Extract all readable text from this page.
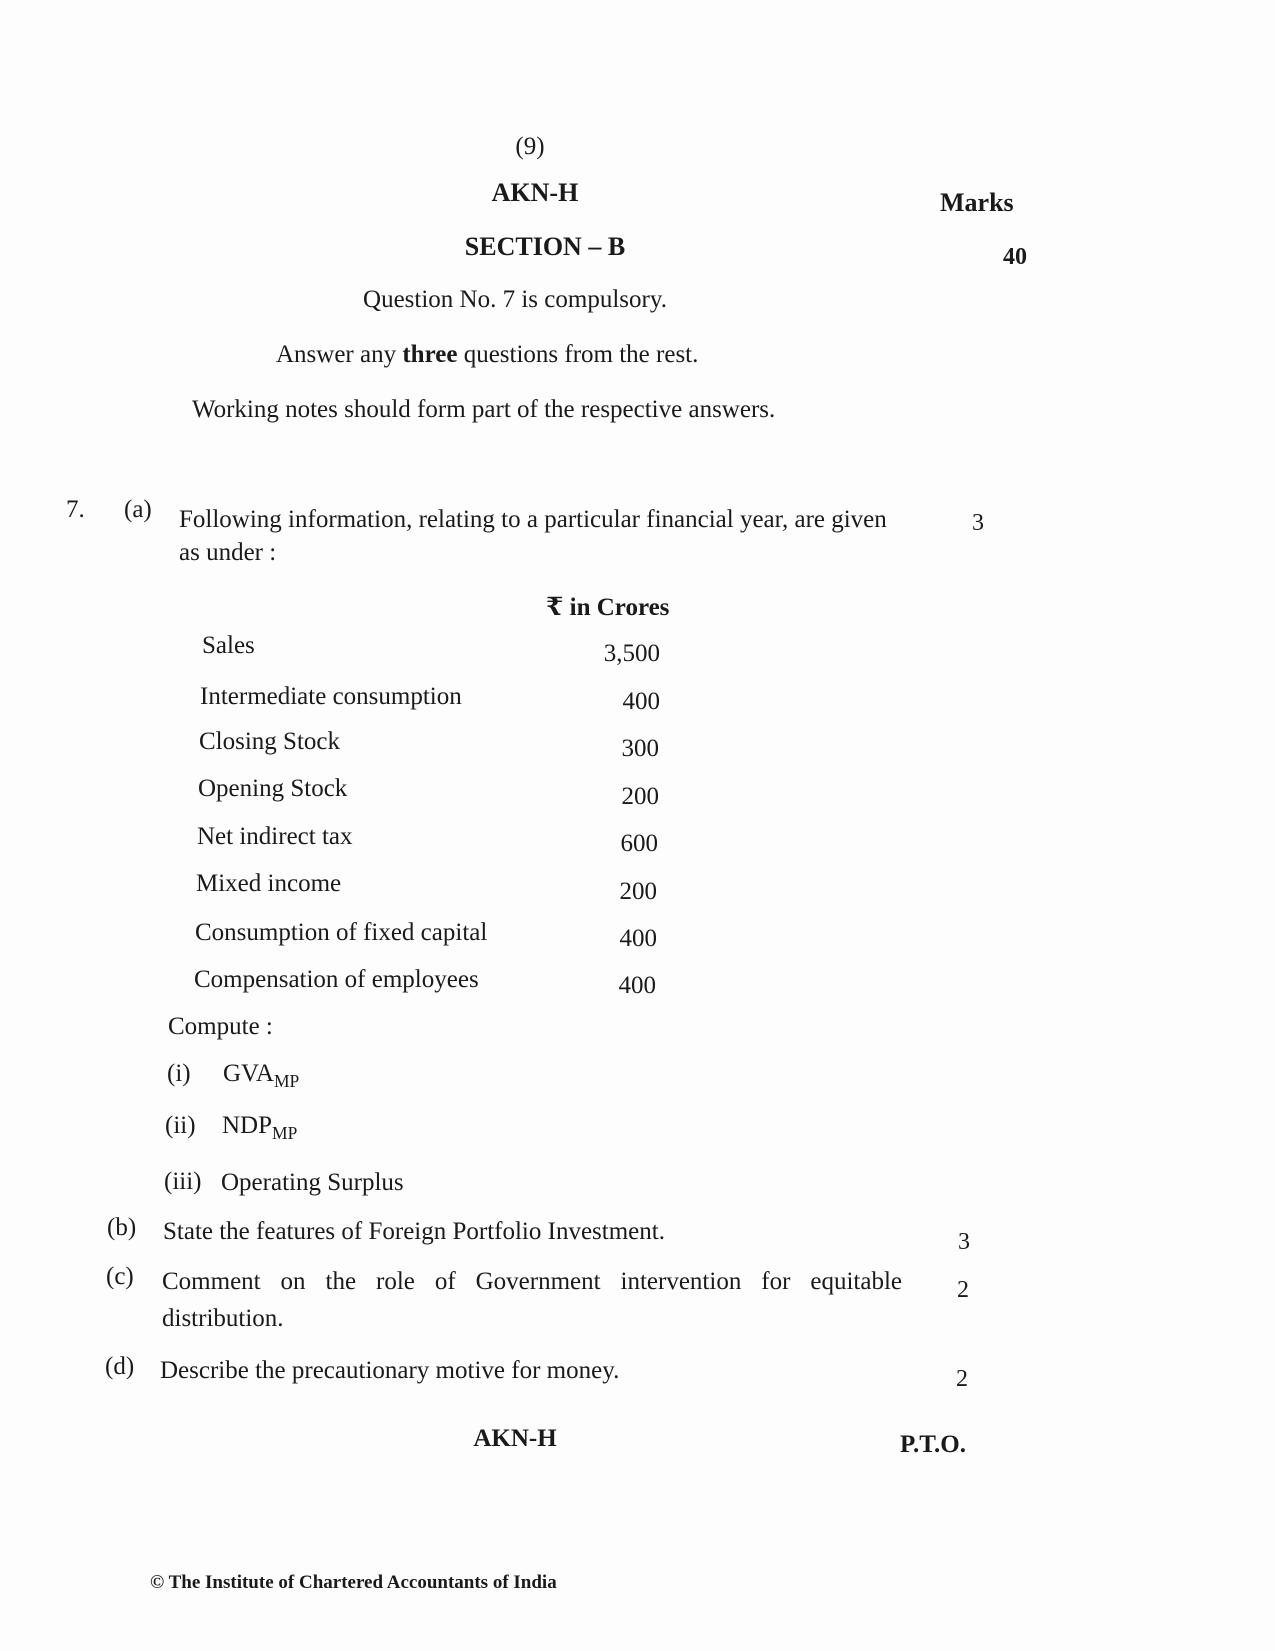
(9)
AKN-H	Marks
40
SECTION – B
Question No. 7 is compulsory.
Answer any three questions from the rest.
Working notes should form part of the respective answers.
7. (a) Following information, relating to a particular financial year, are given
as under :
3
₹ in Crores
Sales	3,500
Intermediate consumption	400
Closing Stock	300
Opening Stock	200
Net indirect tax	600
Mixed income	200
Consumption of fixed capital	400
Compensation of employees	400
Compute :
(i) $GVA_{MP}$
(ii) $NDP_{MP}$
(iii) Operating Surplus
(b) State the features of Foreign Portfolio Investment.	3
(c) Comment on the role of Government intervention for equitable
distribution.
2
(d) Describe the precautionary motive for money.	2
AKN-H	P.T.O.
© The Institute of Chartered Accountants of India
